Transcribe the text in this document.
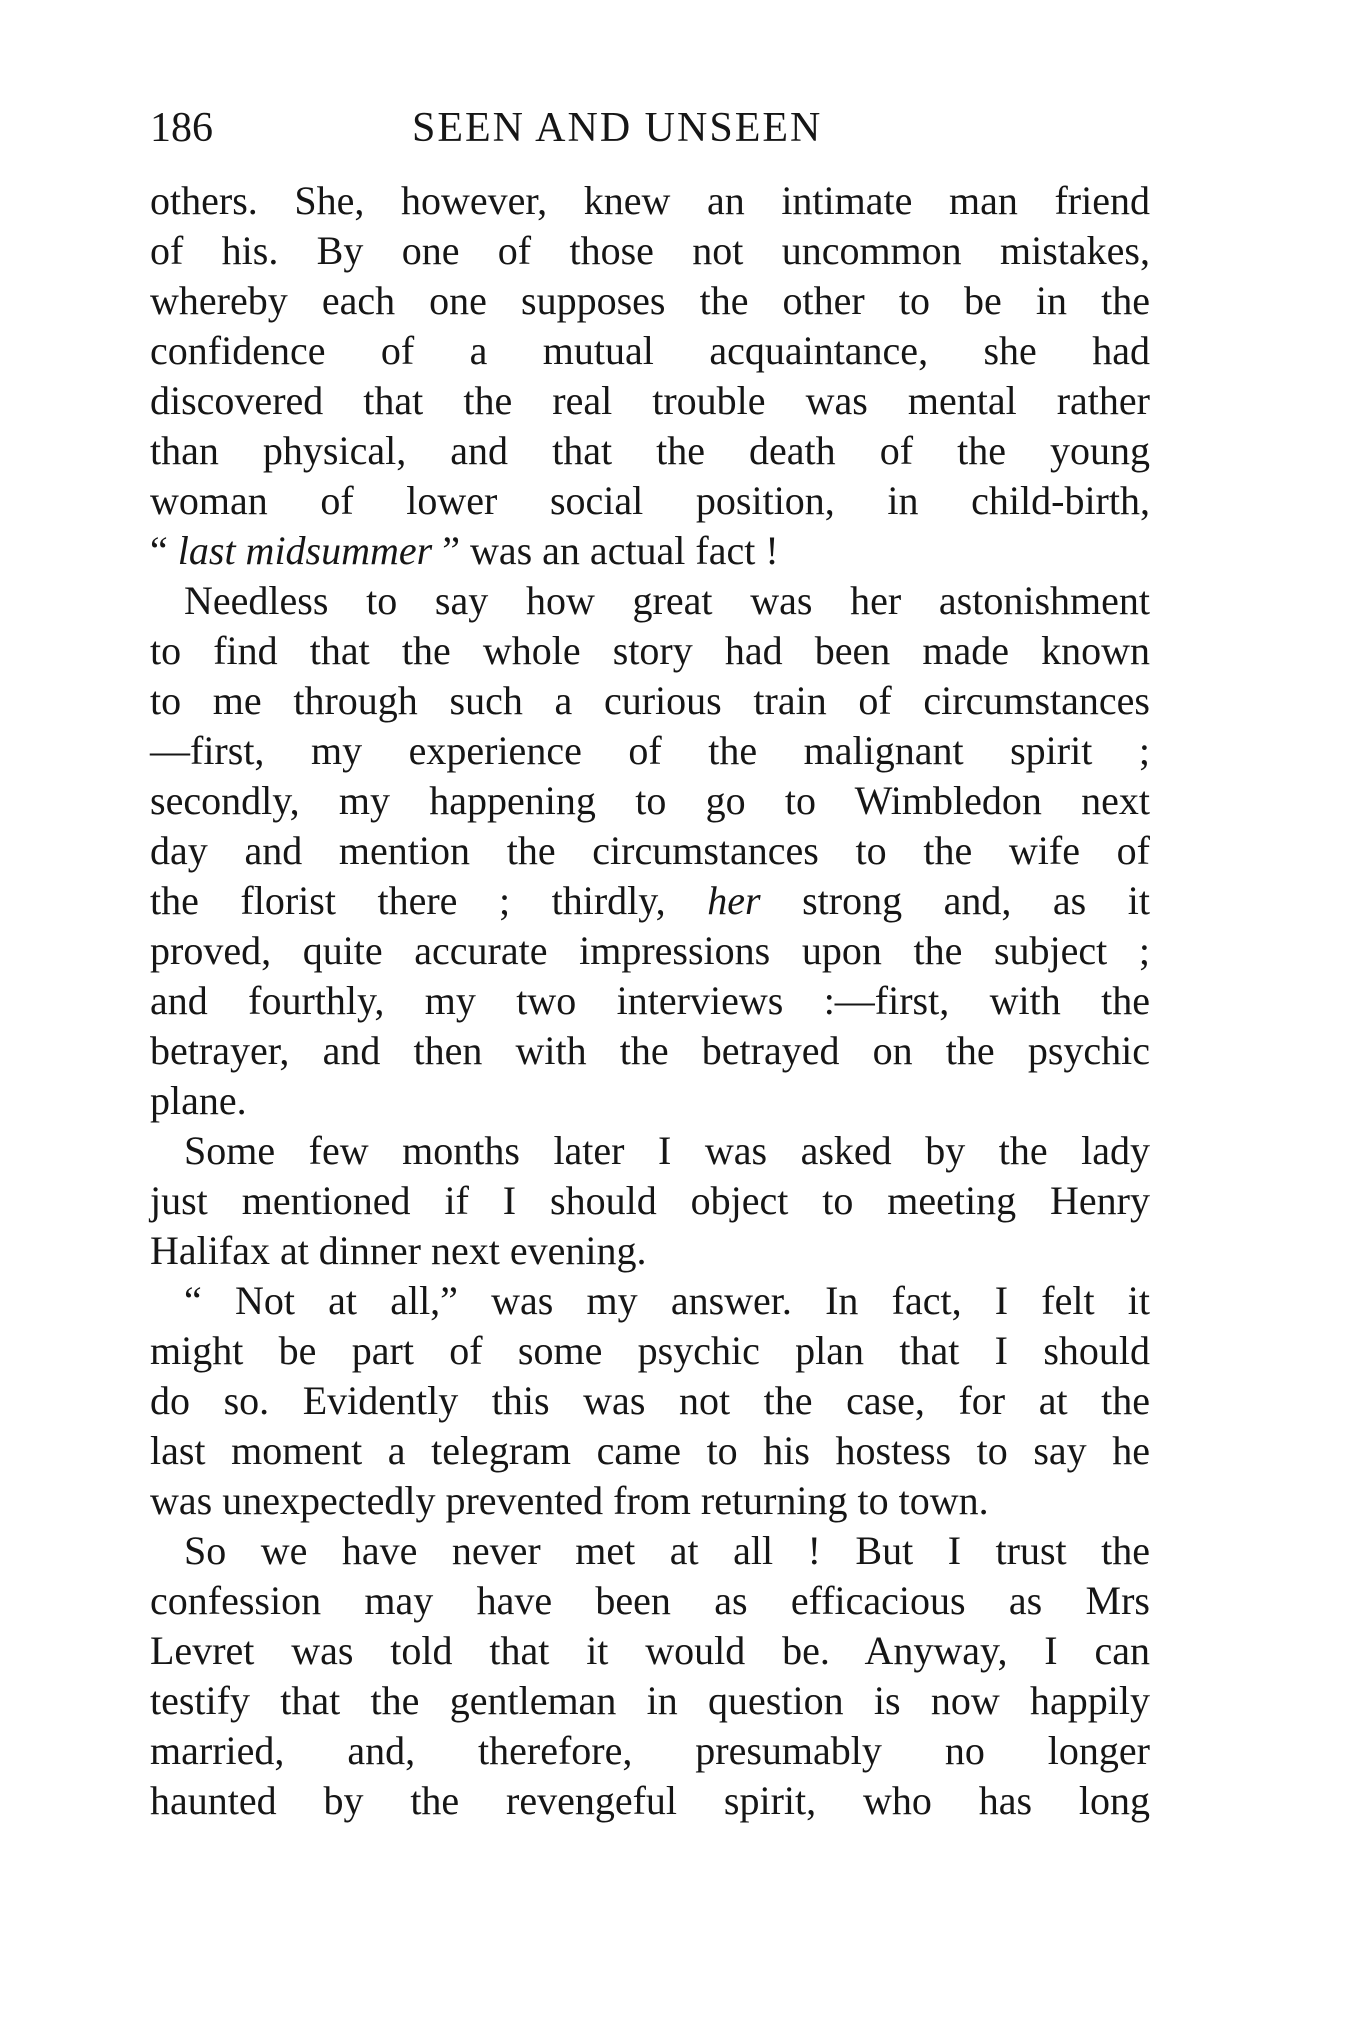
186	SEEN AND UNSEEN
others. She, however, knew an intimate man friend
of his. By one of those not uncommon mistakes,
whereby each one supposes the other to be in the
confidence of a mutual acquaintance, she had
discovered that the real trouble was mental rather
than physical, and that the death of the young
woman of lower social position, in child-birth,
“ last midsummer ” was an actual fact !
Needless to say how great was her astonishment
to find that the whole story had been made known
to me through such a curious train of circumstances
—first, my experience of the malignant spirit ;
secondly, my happening to go to Wimbledon next
day and mention the circumstances to the wife of
the florist there ; thirdly, her strong and, as it
proved, quite accurate impressions upon the subject ;
and fourthly, my two interviews :—first, with the
betrayer, and then with the betrayed on the psychic
plane.
Some few months later I was asked by the lady
just mentioned if I should object to meeting Henry
Halifax at dinner next evening.
“ Not at all,” was my answer. In fact, I felt it
might be part of some psychic plan that I should
do so. Evidently this was not the case, for at the
last moment a telegram came to his hostess to say he
was unexpectedly prevented from returning to town.
So we have never met at all ! But I trust the
confession may have been as efficacious as Mrs
Levret was told that it would be. Anyway, I can
testify that the gentleman in question is now happily
married, and, therefore, presumably no longer
haunted by the revengeful spirit, who has long
